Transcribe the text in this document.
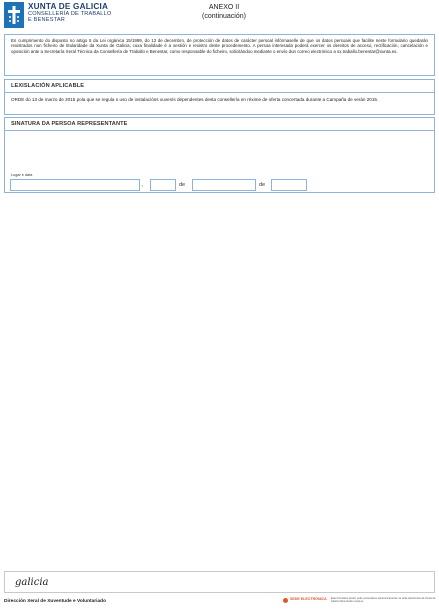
XUNTA DE GALICIA
CONSELLERÍA DE TRABALLO
E BENESTAR
ANEXO II
(continuación)

En cumprimento do disposto no artigo 5 da Lei orgánica 15/1999, do 13 de decembro, de protección de datos de carácter persoal infórmaselle de que os datos persoais que facilite neste formulario quedarán rexistrados nun ficheiro de titularidade da Xunta de Galicia, cuxa finalidade é a xestión e rexistro deste procedemento. A persoa interesada poderá exercer os dereitos de acceso, rectificación, cancelación e oposición ante a Secretaría Xeral Técnica da Consellería de Traballo e Benestar, como responsable do ficheiro, solicitándoo mediante o envío dun correo electrónico a sx.traballo.benestar@xunta.es.

LEXISLACIÓN APLICABLE

ORDE do 13 de marzo de 2015 pola que se regula o uso de instalacións xuvenís dependentes desta consellería en réxime de oferta concertada durante a Campaña de verán 2015.

SINATURA DA PERSOA REPRESENTANTE
Lugar e data
,	de	de
galicia
Dirección Xeral de Xuventude e Voluntariado	SEDE ELECTRÓNICA Este formulario tamén pode presentarse electronicamente na sede electrónica da Xunta de Galicia https://sede.xunta.es
